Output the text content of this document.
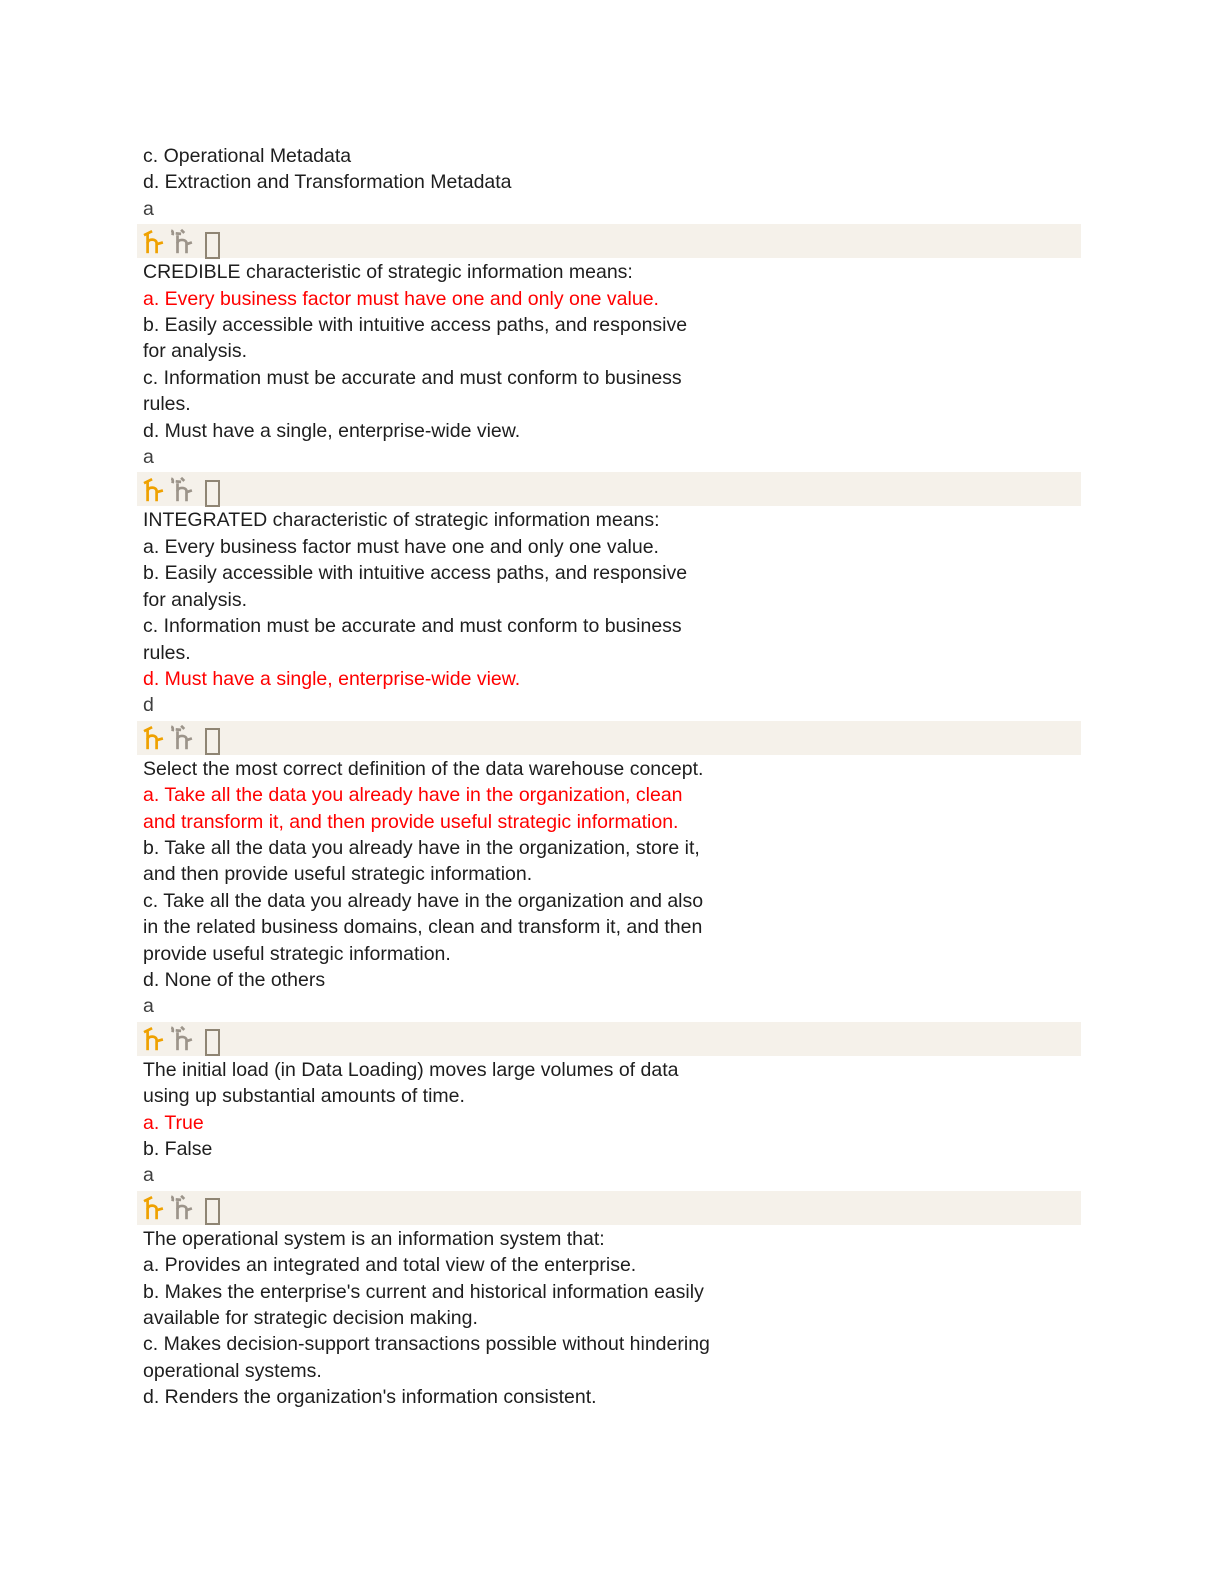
c. Operational Metadata
d. Extraction and Transformation Metadata
a
CREDIBLE characteristic of strategic information means:
a. Every business factor must have one and only one value.
b. Easily accessible with intuitive access paths, and responsive
for analysis.
c. Information must be accurate and must conform to business
rules.
d. Must have a single, enterprise-wide view.
a
INTEGRATED characteristic of strategic information means:
a. Every business factor must have one and only one value.
b. Easily accessible with intuitive access paths, and responsive
for analysis.
c. Information must be accurate and must conform to business
rules.
d. Must have a single, enterprise-wide view.
d
Select the most correct definition of the data warehouse concept.
a. Take all the data you already have in the organization, clean
and transform it, and then provide useful strategic information.
b. Take all the data you already have in the organization, store it,
and then provide useful strategic information.
c. Take all the data you already have in the organization and also
in the related business domains, clean and transform it, and then
provide useful strategic information.
d. None of the others
a
The initial load (in Data Loading) moves large volumes of data
using up substantial amounts of time.
a. True
b. False
a
The operational system is an information system that:
a. Provides an integrated and total view of the enterprise.
b. Makes the enterprise's current and historical information easily
available for strategic decision making.
c. Makes decision-support transactions possible without hindering
operational systems.
d. Renders the organization's information consistent.
